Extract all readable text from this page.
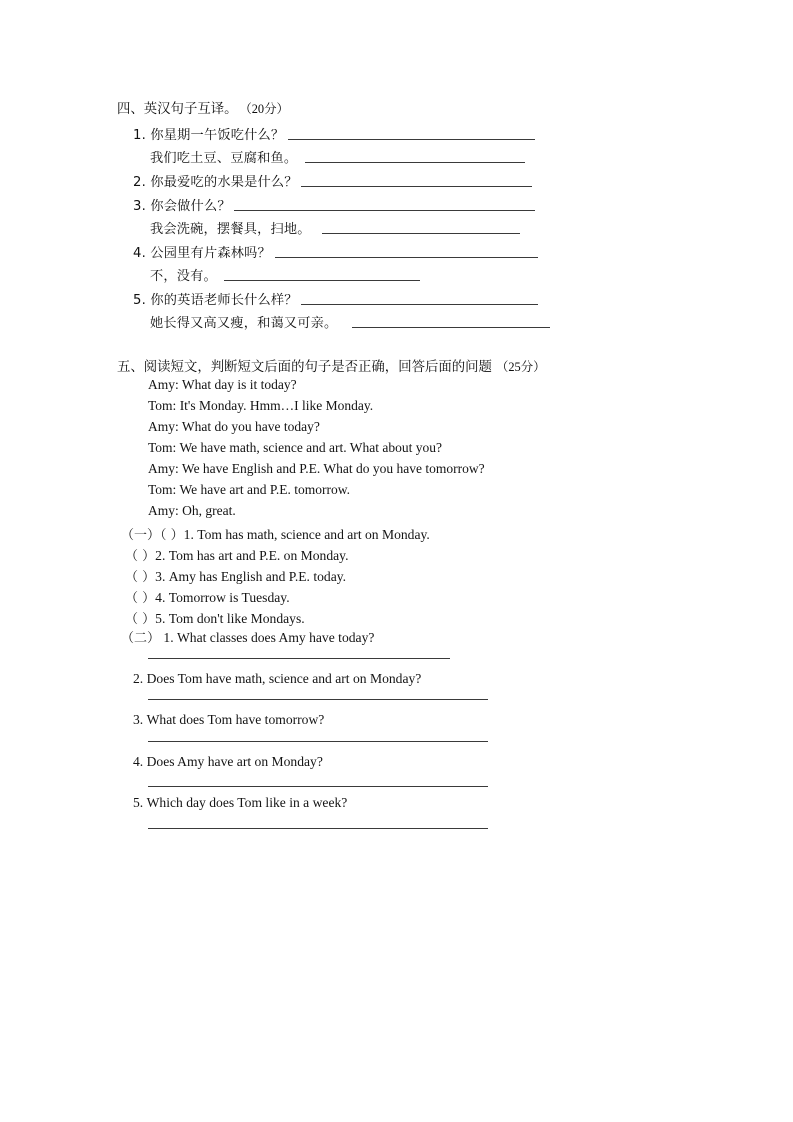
四、英汉句子互译。 （20分）
1. 你星期一午饭吃什么？
我们吃土豆、豆腐和鱼。
2. 你最爱吃的水果是什么？
3. 你会做什么？
我会洗碗，摆餐具，扫地。
4. 公园里有片森林吗？
不，没有。
5. 你的英语老师长什么样？
她长得又高又瘦，和蔼又可亲。
五、阅读短文，判断短文后面的句子是否正确，回答后面的问题 （25分）
Amy: What day is it today?
Tom: It's Monday. Hmm…I like Monday.
Amy: What do you have today?
Tom: We have math, science and art. What about you?
Amy: We have English and P.E. What do you have tomorrow?
Tom: We have art and P.E. tomorrow.
Amy: Oh, great.
（一）（ ）1. Tom has math, science and art on Monday.
（ ）2. Tom has art and P.E. on Monday.
（ ）3. Amy has English and P.E. today.
（ ）4. Tomorrow is Tuesday.
（ ）5. Tom don't like Mondays.
（二） 1. What classes does Amy have today?
2. Does Tom have math, science and art on Monday?
3. What does Tom have tomorrow?
4. Does Amy have art on Monday?
5. Which day does Tom like in a week?
